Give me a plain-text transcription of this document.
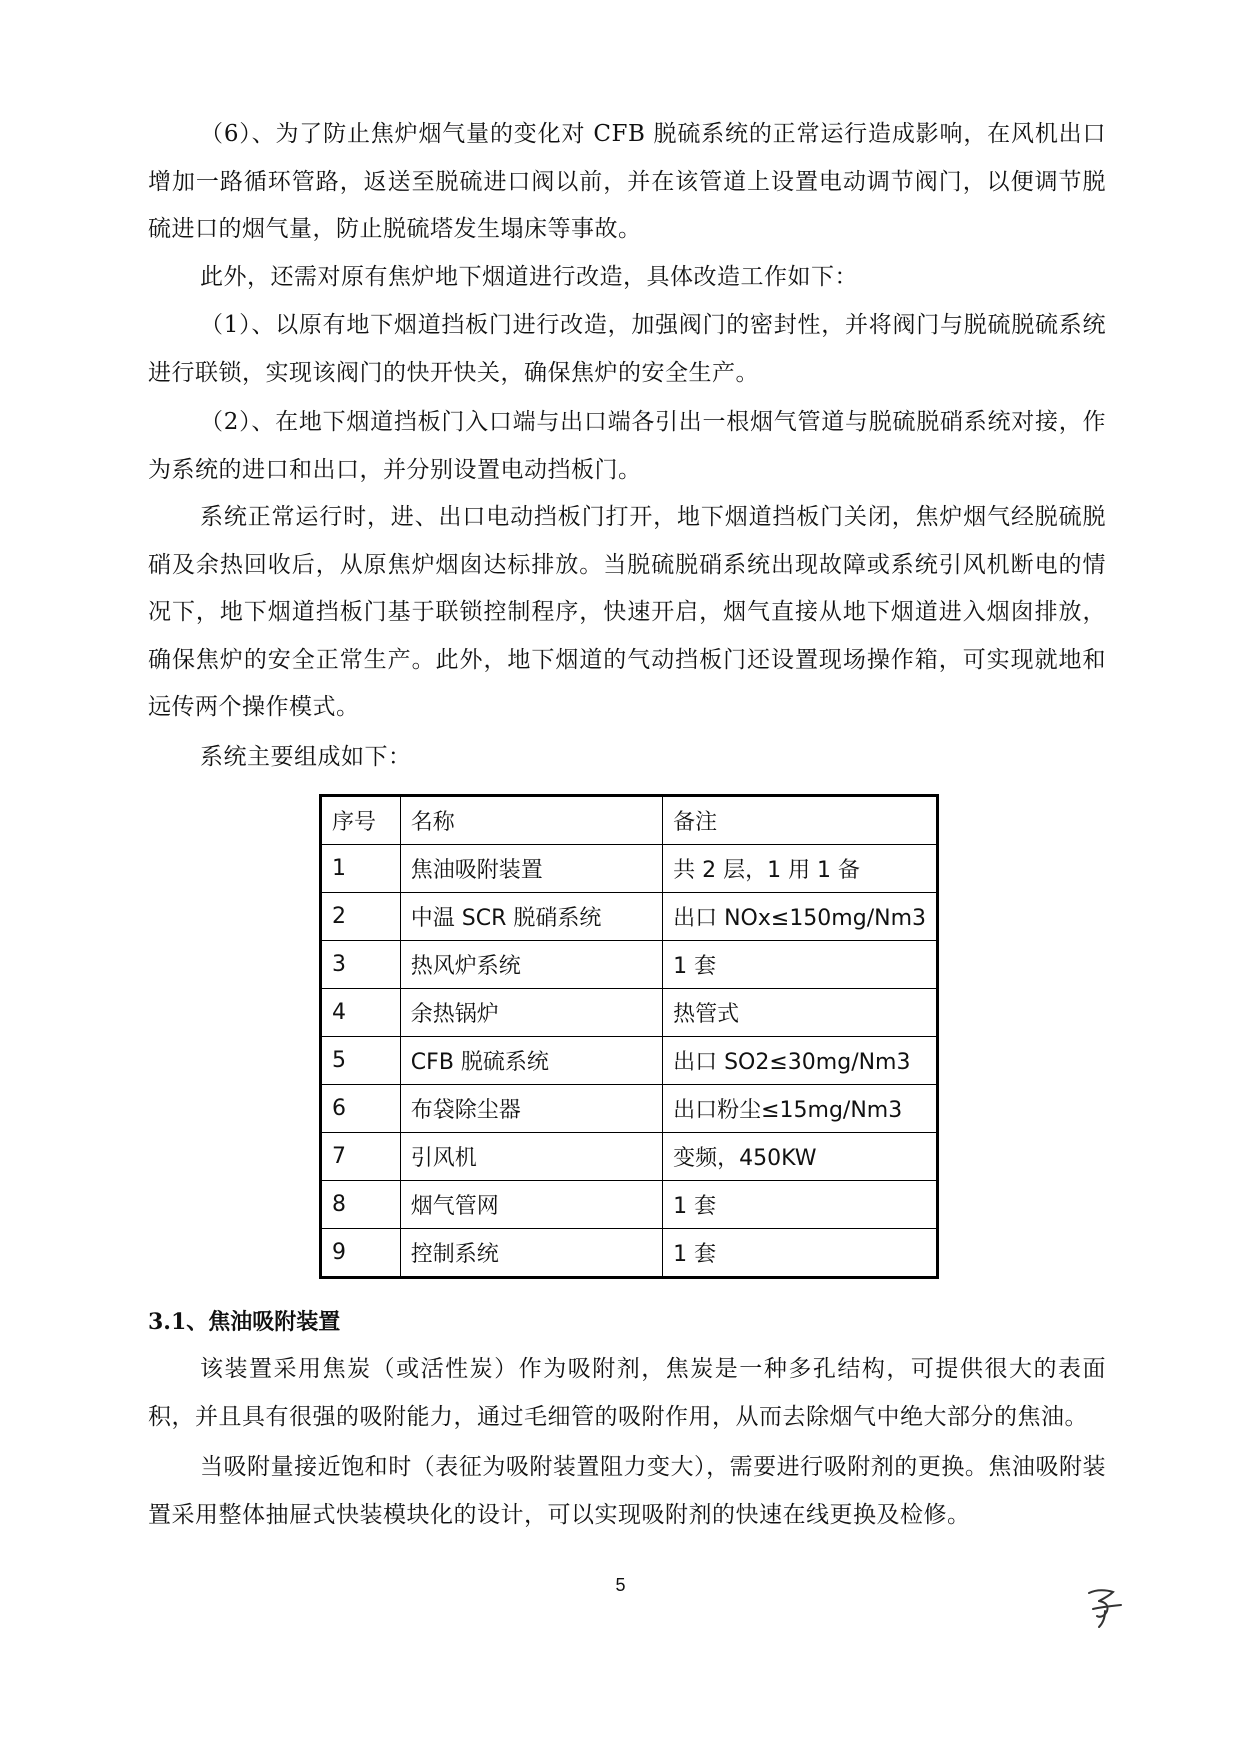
（6）、为了防止焦炉烟气量的变化对 CFB 脱硫系统的正常运行造成影响，在风机出口增加一路循环管路，返送至脱硫进口阀以前，并在该管道上设置电动调节阀门，以便调节脱硫进口的烟气量，防止脱硫塔发生塌床等事故。

此外，还需对原有焦炉地下烟道进行改造，具体改造工作如下：

（1）、以原有地下烟道挡板门进行改造，加强阀门的密封性，并将阀门与脱硫脱硫系统进行联锁，实现该阀门的快开快关，确保焦炉的安全生产。

（2）、在地下烟道挡板门入口端与出口端各引出一根烟气管道与脱硫脱硝系统对接，作为系统的进口和出口，并分别设置电动挡板门。

系统正常运行时，进、出口电动挡板门打开，地下烟道挡板门关闭，焦炉烟气经脱硫脱硝及余热回收后，从原焦炉烟囱达标排放。当脱硫脱硝系统出现故障或系统引风机断电的情况下，地下烟道挡板门基于联锁控制程序，快速开启，烟气直接从地下烟道进入烟囱排放，确保焦炉的安全正常生产。此外，地下烟道的气动挡板门还设置现场操作箱，可实现就地和远传两个操作模式。

系统主要组成如下：

序号	名称	备注
1	焦油吸附装置	共 2 层，1 用 1 备
2	中温 SCR 脱硝系统	出口 NOx≤150mg/Nm3
3	热风炉系统	1 套
4	余热锅炉	热管式
5	CFB 脱硫系统	出口 SO2≤30mg/Nm3
6	布袋除尘器	出口粉尘≤15mg/Nm3
7	引风机	变频，450KW
8	烟气管网	1 套
9	控制系统	1 套
3.1、焦油吸附装置

该装置采用焦炭（或活性炭）作为吸附剂，焦炭是一种多孔结构，可提供很大的表面积，并且具有很强的吸附能力，通过毛细管的吸附作用，从而去除烟气中绝大部分的焦油。

当吸附量接近饱和时（表征为吸附装置阻力变大），需要进行吸附剂的更换。焦油吸附装置采用整体抽屉式快装模块化的设计，可以实现吸附剂的快速在线更换及检修。

5
